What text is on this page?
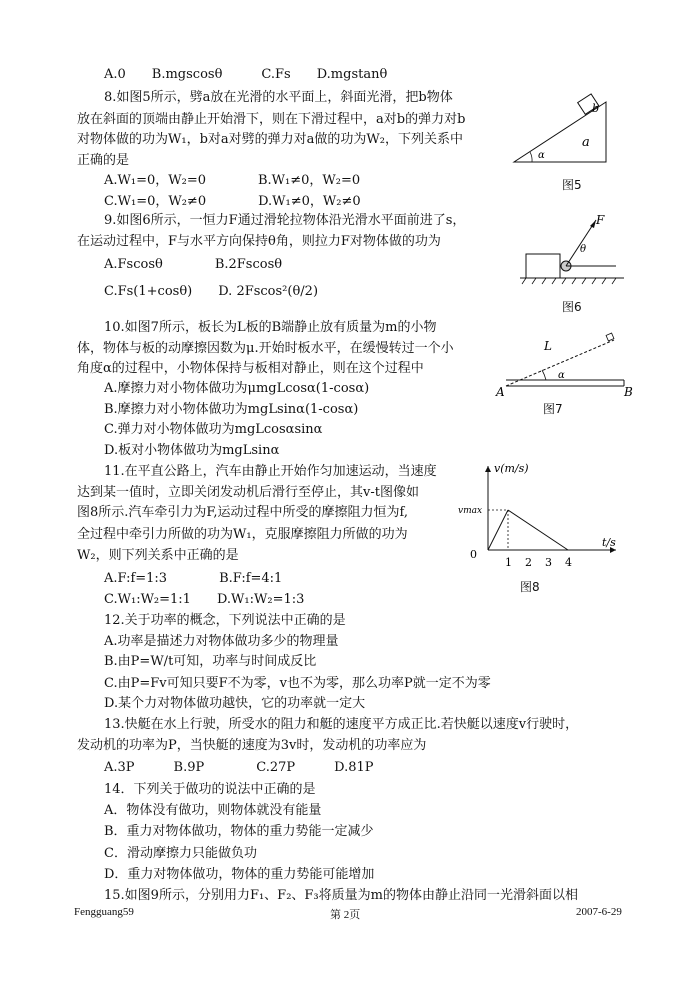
A.0　　B.mgscosθ　　　C.Fs　　D.mgstanθ
8.如图5所示，劈a放在光滑的水平面上，斜面光滑，把b物体
放在斜面的顶端由静止开始滑下，则在下滑过程中，a对b的弹力对b
对物体做的功为W₁，b对a对劈的弹力对a做的功为W₂，下列关系中
正确的是
A.W₁=0，W₂=0　　　　B.W₁≠0，W₂=0
C.W₁=0，W₂≠0　　　　D.W₁≠0，W₂≠0
9.如图6所示，一恒力F通过滑轮拉物体沿光滑水平面前进了s，
在运动过程中，F与水平方向保持θ角，则拉力F对物体做的功为
A.Fscosθ　　　　B.2Fscosθ
C.Fs(1+cosθ)　　D. 2Fscos²(θ/2)
10.如图7所示，板长为L板的B端静止放有质量为m的小物
体，物体与板的动摩擦因数为μ.开始时板水平，在缓慢转过一个小
角度α的过程中，小物体保持与板相对静止，则在这个过程中
A.摩擦力对小物体做功为μmgLcosα(1-cosα)
B.摩擦力对小物体做功为mgLsinα(1-cosα)
C.弹力对小物体做功为mgLcosαsinα
D.板对小物体做功为mgLsinα
11.在平直公路上，汽车由静止开始作匀加速运动，当速度
达到某一值时，立即关闭发动机后滑行至停止，其v-t图像如
图8所示.汽车牵引力为F,运动过程中所受的摩擦阻力恒为f,
全过程中牵引力所做的功为W₁，克服摩擦阻力所做的功为
W₂，则下列关系中正确的是
A.F:f=1:3　　　　B.F:f=4:1
C.W₁:W₂=1:1　　D.W₁:W₂=1:3
12.关于功率的概念，下列说法中正确的是
A.功率是描述力对物体做功多少的物理量
B.由P=W/t可知，功率与时间成反比
C.由P=Fv可知只要F不为零，v也不为零，那么功率P就一定不为零
D.某个力对物体做功越快，它的功率就一定大
13.快艇在水上行驶，所受水的阻力和艇的速度平方成正比.若快艇以速度v行驶时，
发动机的功率为P，当快艇的速度为3v时，发动机的功率应为
A.3P　　　B.9P　　　　C.27P　　　D.81P
14．下列关于做功的说法中正确的是
A．物体没有做功，则物体就没有能量
B．重力对物体做功，物体的重力势能一定减少
C．滑动摩擦力只能做负功
D．重力对物体做功，物体的重力势能可能增加
15.如图9所示，分别用力F₁、F₂、F₃将质量为m的物体由静止沿同一光滑斜面以相
b
a
α
图5
F
θ
图6
L
α
A	B
图7
v(m/s)
vmax
0
1 2 3 4
t/s
图8
Fengguang59	第 2页	2007-6-29
